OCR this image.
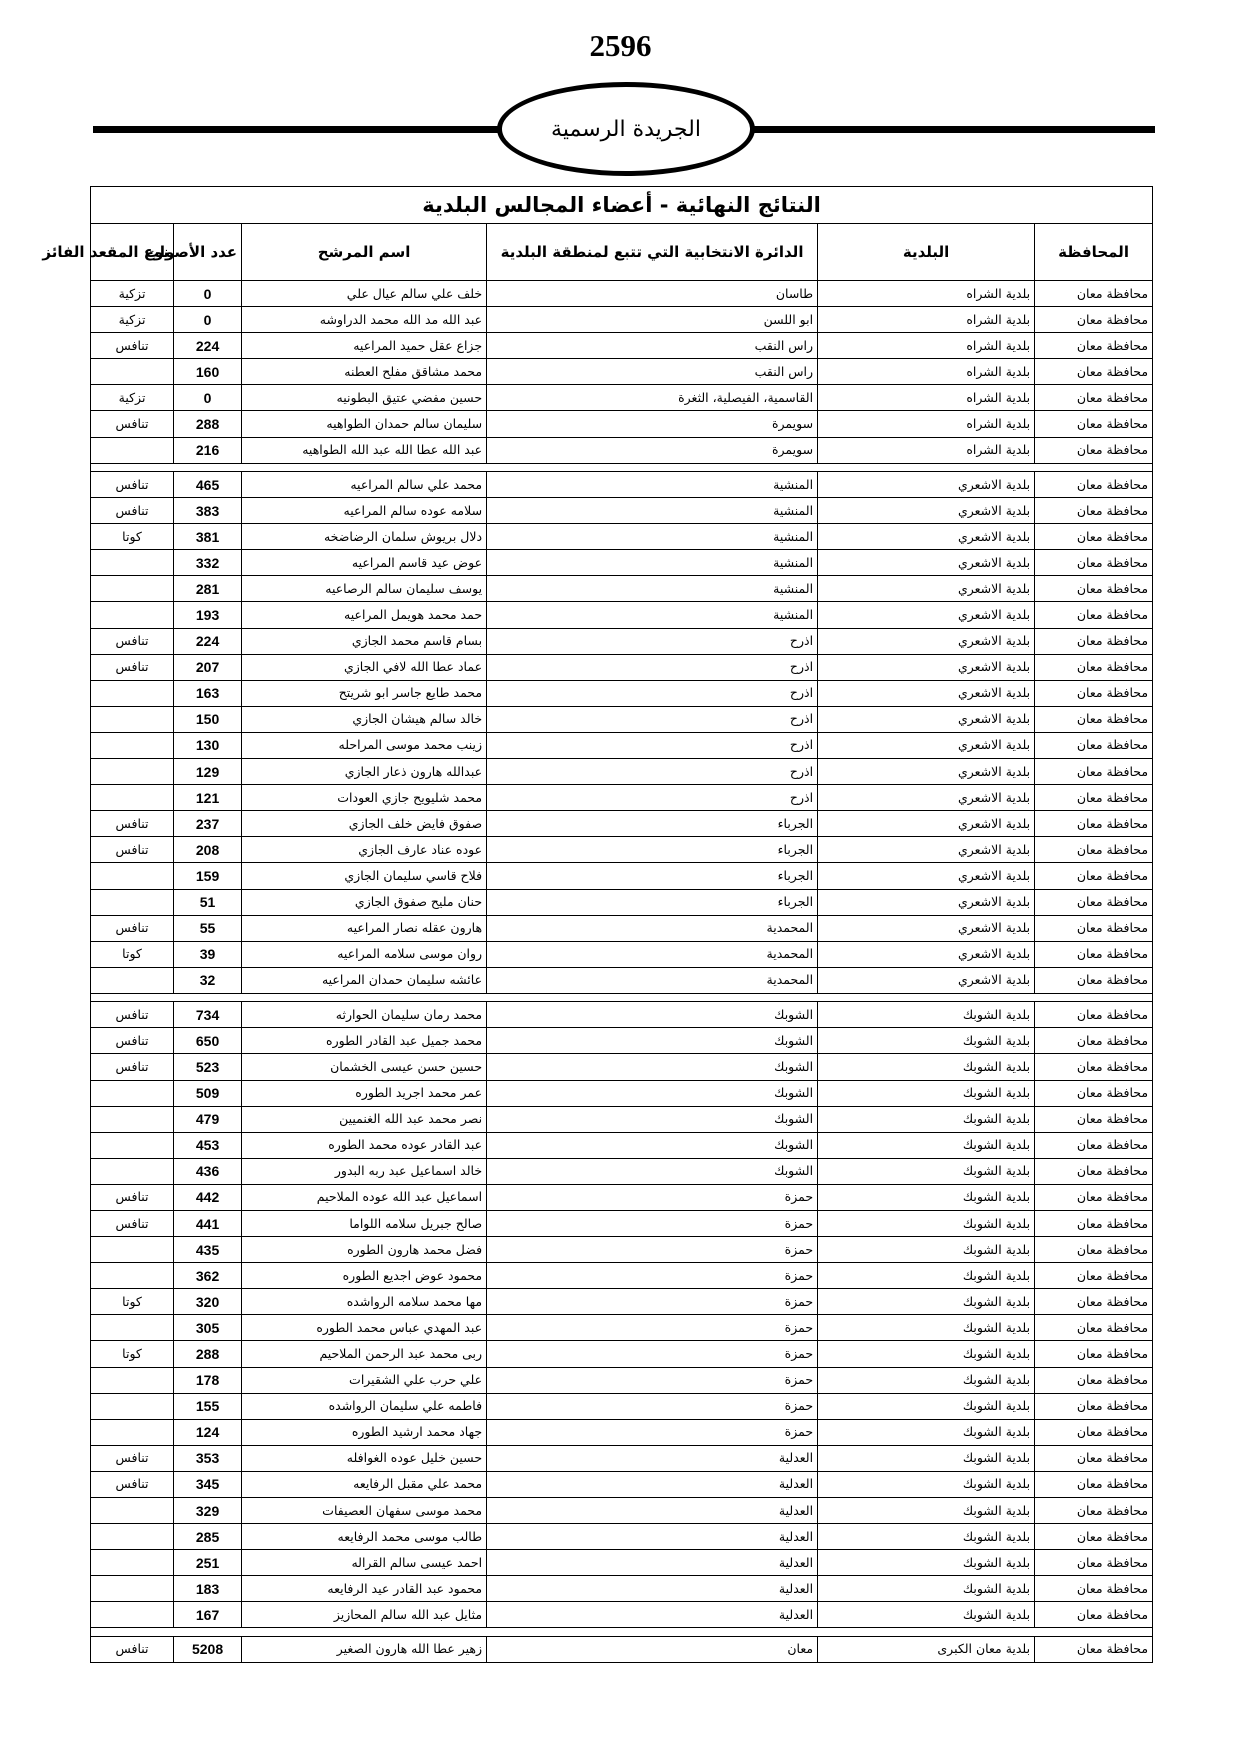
2596
الجريدة الرسمية
النتائج النهائية - أعضاء المجالس البلدية					
المحافظة	البلدية	الدائرة الانتخابية التي تتبع لمنطقة البلدية	اسم المرشح	عدد الأصوات	نوع المقعد الفائز
محافظة معان	بلدية الشراه	طاسان	خلف علي سالم عيال علي	0	تزكية
محافظة معان	بلدية الشراه	ابو اللسن	عبد الله مد الله محمد الدراوشه	0	تزكية
محافظة معان	بلدية الشراه	راس النقب	جزاع عقل حميد المراعيه	224	تنافس
محافظة معان	بلدية الشراه	راس النقب	محمد مشاقق مفلح العطنه	160	
محافظة معان	بلدية الشراه	القاسمية، الفيصلية، الثغرة	حسين مفضي عتيق البطونيه	0	تزكية
محافظة معان	بلدية الشراه	سويمرة	سليمان سالم حمدان الطواهيه	288	تنافس
محافظة معان	بلدية الشراه	سويمرة	عبد الله عطا الله عبد الله الطواهيه	216	

محافظة معان	بلدية الاشعري	المنشية	محمد علي سالم المراعيه	465	تنافس
محافظة معان	بلدية الاشعري	المنشية	سلامه عوده سالم المراعيه	383	تنافس
محافظة معان	بلدية الاشعري	المنشية	دلال بريوش سلمان الرضاضخه	381	كوتا
محافظة معان	بلدية الاشعري	المنشية	عوض عيد قاسم المراعيه	332	
محافظة معان	بلدية الاشعري	المنشية	يوسف سليمان سالم الرصاعيه	281	
محافظة معان	بلدية الاشعري	المنشية	حمد محمد هويمل المراعيه	193	
محافظة معان	بلدية الاشعري	اذرح	بسام قاسم محمد الجازي	224	تنافس
محافظة معان	بلدية الاشعري	اذرح	عماد عطا الله لافي الجازي	207	تنافس
محافظة معان	بلدية الاشعري	اذرح	محمد طايع جاسر ابو شريتح	163	
محافظة معان	بلدية الاشعري	اذرح	خالد سالم هيشان الجازي	150	
محافظة معان	بلدية الاشعري	اذرح	زينب محمد موسى المراحله	130	
محافظة معان	بلدية الاشعري	اذرح	عبدالله هارون ذعار الجازي	129	
محافظة معان	بلدية الاشعري	اذرح	محمد شليويح جازي العودات	121	
محافظة معان	بلدية الاشعري	الجرباء	صفوق فايض خلف الجازي	237	تنافس
محافظة معان	بلدية الاشعري	الجرباء	عوده عناد عارف الجازي	208	تنافس
محافظة معان	بلدية الاشعري	الجرباء	فلاح قاسي سليمان الجازي	159	
محافظة معان	بلدية الاشعري	الجرباء	حنان مليح صفوق الجازي	51	
محافظة معان	بلدية الاشعري	المحمدية	هارون عقله نصار المراعيه	55	تنافس
محافظة معان	بلدية الاشعري	المحمدية	روان موسى سلامه المراعيه	39	كوتا
محافظة معان	بلدية الاشعري	المحمدية	عائشه سليمان حمدان المراعيه	32	

محافظة معان	بلدية الشوبك	الشوبك	محمد رمان سليمان الحوارثه	734	تنافس
محافظة معان	بلدية الشوبك	الشوبك	محمد جميل عبد القادر الطوره	650	تنافس
محافظة معان	بلدية الشوبك	الشوبك	حسين حسن عيسى الخشمان	523	تنافس
محافظة معان	بلدية الشوبك	الشوبك	عمر محمد اجريد الطوره	509	
محافظة معان	بلدية الشوبك	الشوبك	نصر محمد عبد الله الغنميين	479	
محافظة معان	بلدية الشوبك	الشوبك	عبد القادر عوده محمد الطوره	453	
محافظة معان	بلدية الشوبك	الشوبك	خالد اسماعيل عبد ربه البدور	436	
محافظة معان	بلدية الشوبك	حمزة	اسماعيل عبد الله عوده الملاحيم	442	تنافس
محافظة معان	بلدية الشوبك	حمزة	صالح جبريل سلامه اللواما	441	تنافس
محافظة معان	بلدية الشوبك	حمزة	فضل محمد هارون الطوره	435	
محافظة معان	بلدية الشوبك	حمزة	محمود عوض اجديع الطوره	362	
محافظة معان	بلدية الشوبك	حمزة	مها محمد سلامه الرواشده	320	كوتا
محافظة معان	بلدية الشوبك	حمزة	عبد المهدي عباس محمد الطوره	305	
محافظة معان	بلدية الشوبك	حمزة	ربى محمد عبد الرحمن الملاحيم	288	كوتا
محافظة معان	بلدية الشوبك	حمزة	علي حرب علي الشقيرات	178	
محافظة معان	بلدية الشوبك	حمزة	فاطمه علي سليمان الرواشده	155	
محافظة معان	بلدية الشوبك	حمزة	جهاد محمد ارشيد الطوره	124	
محافظة معان	بلدية الشوبك	العدلية	حسين خليل عوده الغوافله	353	تنافس
محافظة معان	بلدية الشوبك	العدلية	محمد علي مقبل الرفايعه	345	تنافس
محافظة معان	بلدية الشوبك	العدلية	محمد موسى سفهان العصيفات	329	
محافظة معان	بلدية الشوبك	العدلية	طالب موسى محمد الرفايعه	285	
محافظة معان	بلدية الشوبك	العدلية	احمد عيسى سالم القراله	251	
محافظة معان	بلدية الشوبك	العدلية	محمود عبد القادر عيد الرفايعه	183	
محافظة معان	بلدية الشوبك	العدلية	مثايل عبد الله سالم المحازيز	167	

محافظة معان	بلدية معان الكبرى	معان	زهير عطا الله هارون الصغير	5208	تنافس
